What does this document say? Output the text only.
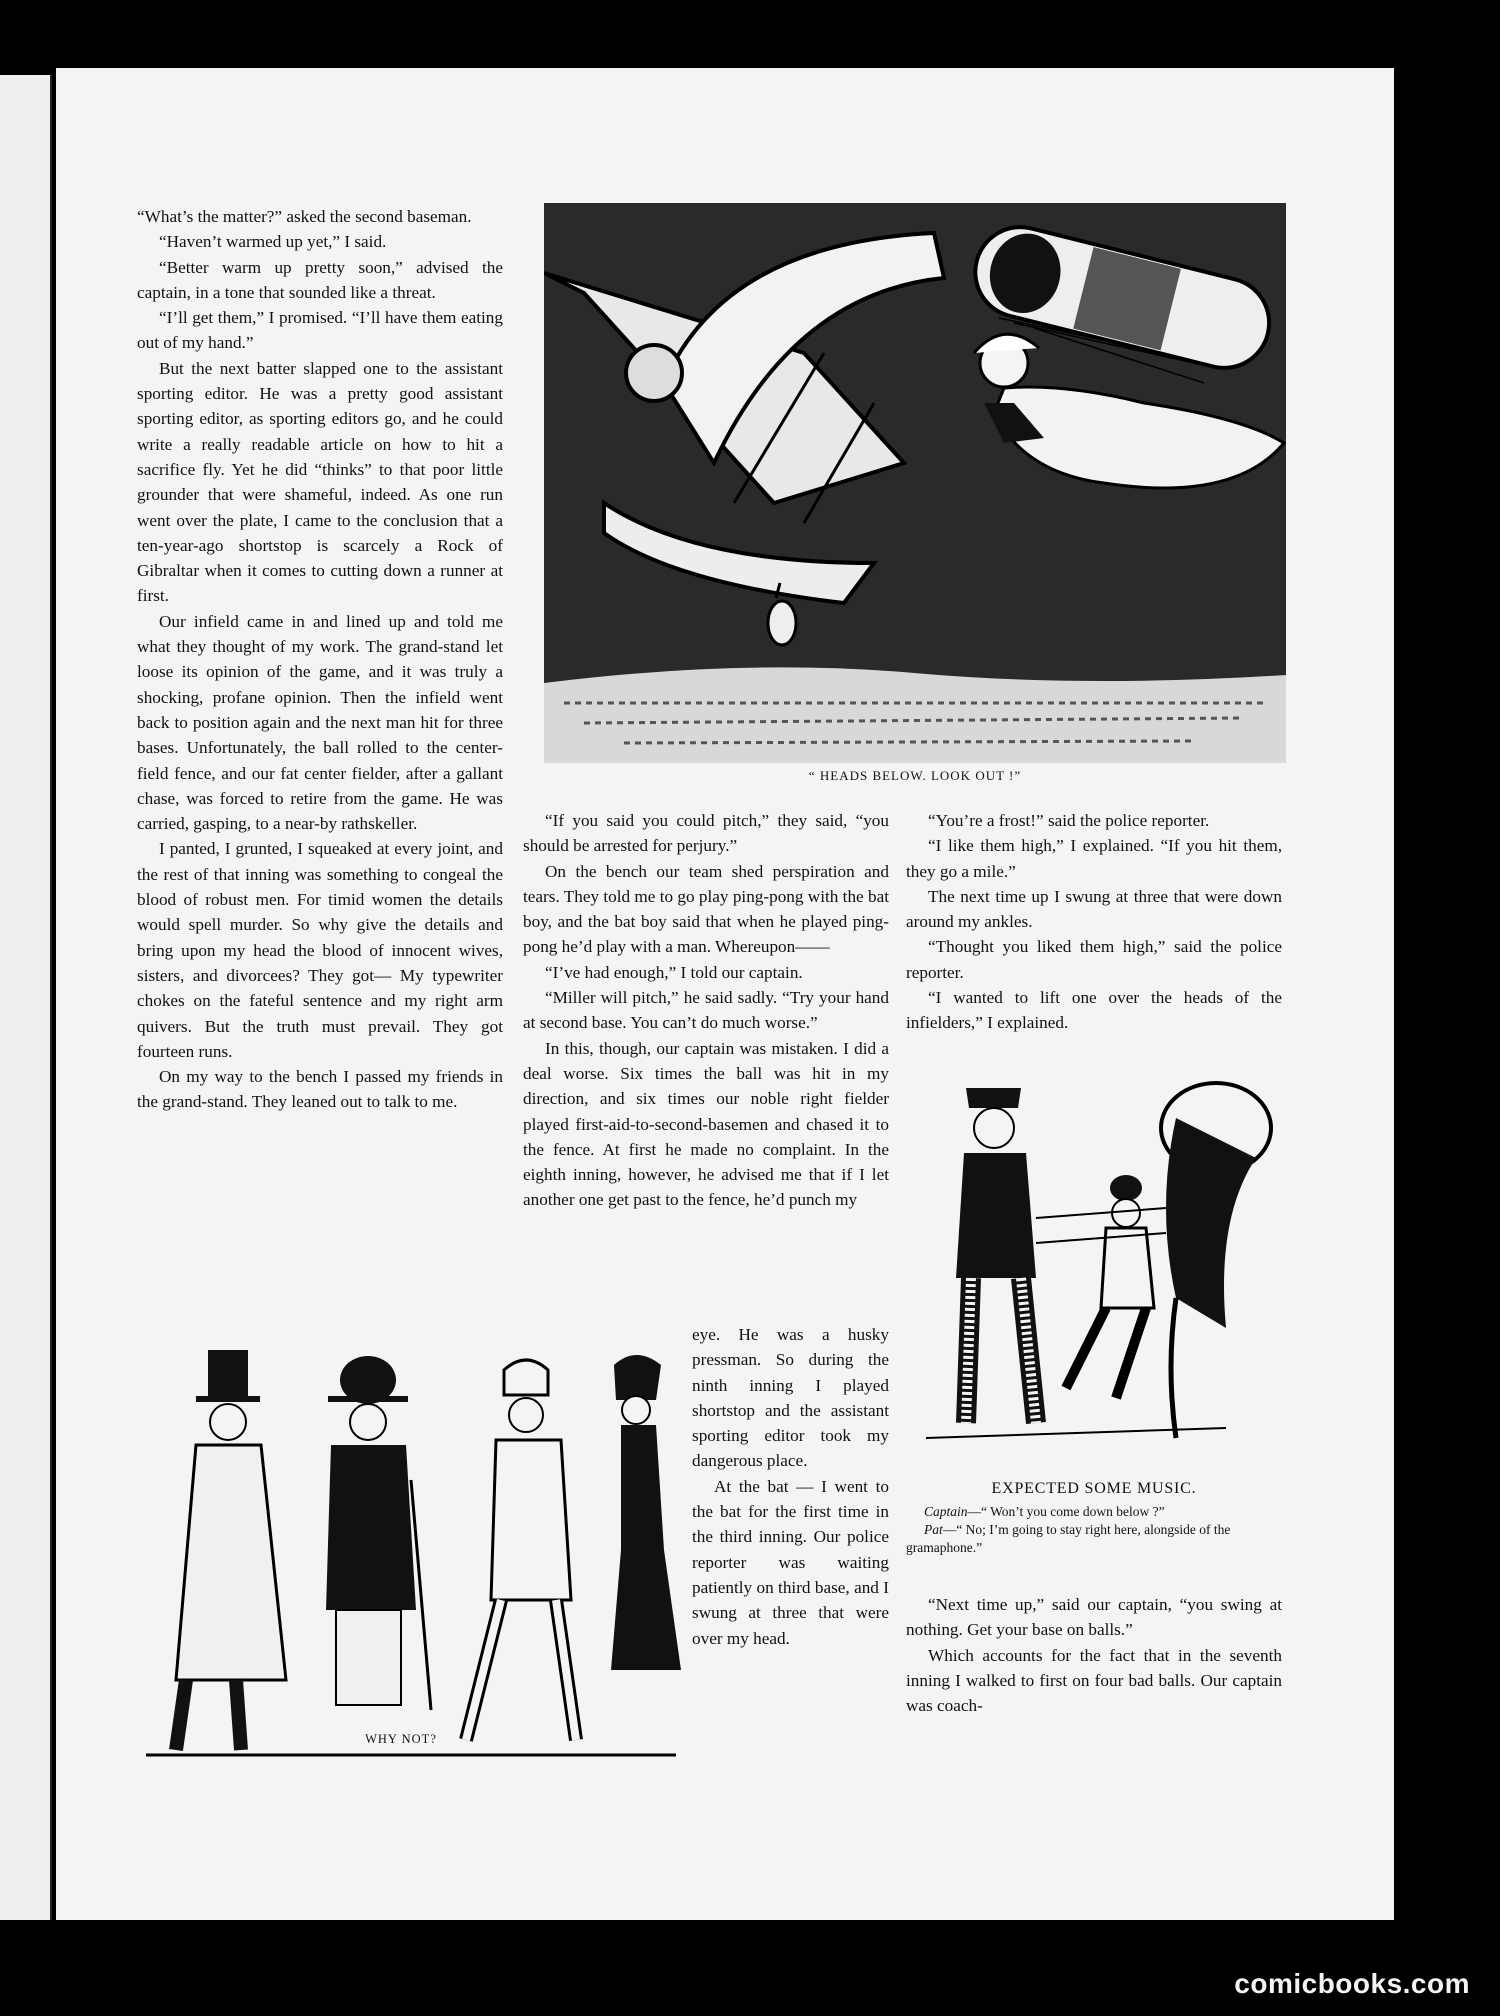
“What’s the matter?” asked the second baseman.

“Haven’t warmed up yet,” I said.

“Better warm up pretty soon,” advised the captain, in a tone that sounded like a threat.

“I’ll get them,” I promised. “I’ll have them eating out of my hand.”

But the next batter slapped one to the assistant sporting editor. He was a pretty good assistant sporting editor, as sporting editors go, and he could write a really readable article on how to hit a sacrifice fly. Yet he did “thinks” to that poor little grounder that were shameful, indeed. As one run went over the plate, I came to the conclusion that a ten-year-ago shortstop is scarcely a Rock of Gibraltar when it comes to cutting down a runner at first.

Our infield came in and lined up and told me what they thought of my work. The grand-stand let loose its opinion of the game, and it was truly a shocking, profane opinion. Then the infield went back to position again and the next man hit for three bases. Unfortunately, the ball rolled to the center-field fence, and our fat center fielder, after a gallant chase, was forced to retire from the game. He was carried, gasping, to a near-by rathskeller.

I panted, I grunted, I squeaked at every joint, and the rest of that inning was something to congeal the blood of robust men. For timid women the details would spell murder. So why give the details and bring upon my head the blood of innocent wives, sisters, and divorcees? They got— My typewriter chokes on the fateful sentence and my right arm quivers. But the truth must prevail. They got fourteen runs.

On my way to the bench I passed my friends in the grand-stand. They leaned out to talk to me.

“ HEADS BELOW. LOOK OUT !”

“If you said you could pitch,” they said, “you should be arrested for perjury.”

On the bench our team shed perspiration and tears. They told me to go play ping-pong with the bat boy, and the bat boy said that when he played ping-pong he’d play with a man. Whereupon——

“I’ve had enough,” I told our captain.

“Miller will pitch,” he said sadly. “Try your hand at second base. You can’t do much worse.”

In this, though, our captain was mistaken. I did a deal worse. Six times the ball was hit in my direction, and six times our noble right fielder played first-aid-to-second-basemen and chased it to the fence. At first he made no complaint. In the eighth inning, however, he advised me that if I let another one get past to the fence, he’d punch my

eye. He was a husky pressman. So during the ninth inning I played shortstop and the assistant sporting editor took my dangerous place.

At the bat — I went to the bat for the first time in the third inning. Our police reporter was waiting patiently on third base, and I swung at three that were over my head.

“You’re a frost!” said the police reporter.

“I like them high,” I explained. “If you hit them, they go a mile.”

The next time up I swung at three that were down around my ankles.

“Thought you liked them high,” said the police reporter.

“I wanted to lift one over the heads of the infielders,” I explained.

WHY NOT?
EXPECTED SOME MUSIC.
Captain—“ Won’t you come down below ?”
Pat—“ No; I’m going to stay right here, alongside of the gramaphone.”

“Next time up,” said our captain, “you swing at nothing. Get your base on balls.”

Which accounts for the fact that in the seventh inning I walked to first on four bad balls. Our captain was coach-

comicbooks.com
